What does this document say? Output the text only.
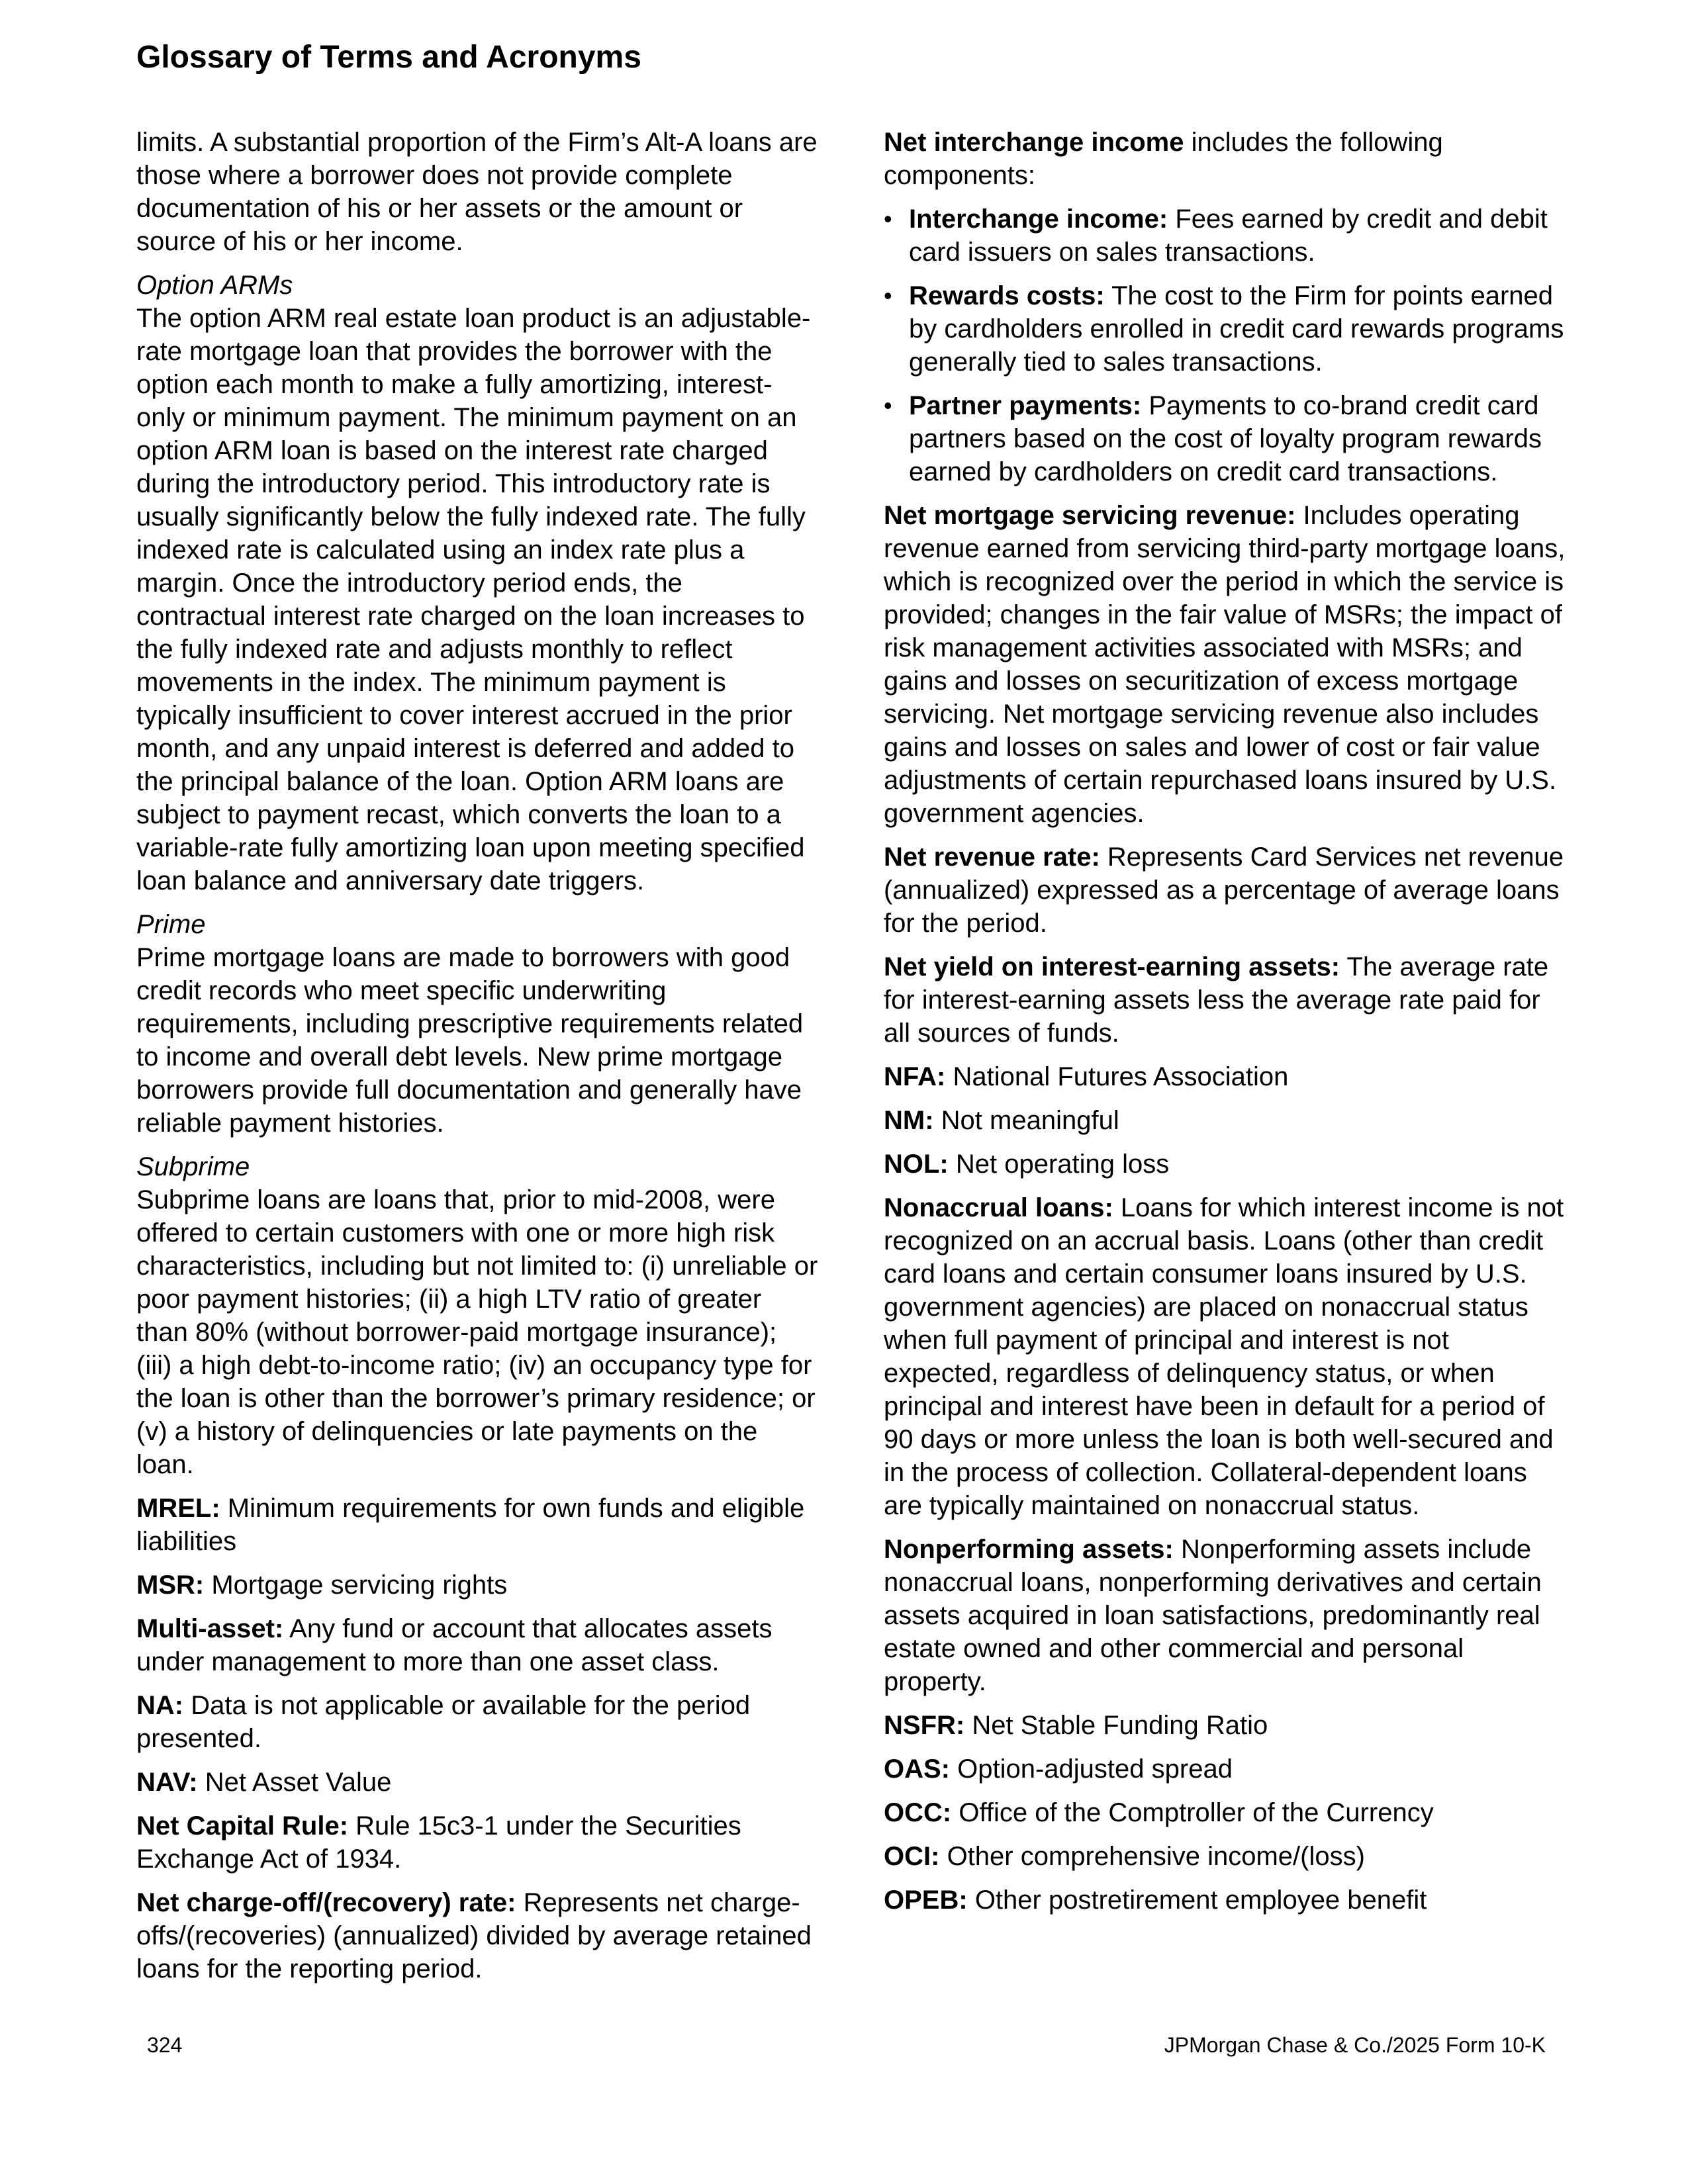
Glossary of Terms and Acronyms

limits. A substantial proportion of the Firm’s Alt-A loans are those where a borrower does not provide complete documentation of his or her assets or the amount or source of his or her income.

Option ARMs

The option ARM real estate loan product is an adjustable-rate mortgage loan that provides the borrower with the option each month to make a fully amortizing, interest-only or minimum payment. The minimum payment on an option ARM loan is based on the interest rate charged during the introductory period. This introductory rate is usually significantly below the fully indexed rate. The fully indexed rate is calculated using an index rate plus a margin. Once the introductory period ends, the contractual interest rate charged on the loan increases to the fully indexed rate and adjusts monthly to reflect movements in the index. The minimum payment is typically insufficient to cover interest accrued in the prior month, and any unpaid interest is deferred and added to the principal balance of the loan. Option ARM loans are subject to payment recast, which converts the loan to a variable-rate fully amortizing loan upon meeting specified loan balance and anniversary date triggers.

Prime

Prime mortgage loans are made to borrowers with good credit records who meet specific underwriting requirements, including prescriptive requirements related to income and overall debt levels. New prime mortgage borrowers provide full documentation and generally have reliable payment histories.

Subprime

Subprime loans are loans that, prior to mid-2008, were offered to certain customers with one or more high risk characteristics, including but not limited to: (i) unreliable or poor payment histories; (ii) a high LTV ratio of greater than 80% (without borrower-paid mortgage insurance); (iii) a high debt-to-income ratio; (iv) an occupancy type for the loan is other than the borrower’s primary residence; or (v) a history of delinquencies or late payments on the loan.

MREL: Minimum requirements for own funds and eligible liabilities

MSR: Mortgage servicing rights

Multi-asset: Any fund or account that allocates assets under management to more than one asset class.

NA: Data is not applicable or available for the period presented.

NAV: Net Asset Value

Net Capital Rule: Rule 15c3-1 under the Securities Exchange Act of 1934.

Net charge-off/(recovery) rate: Represents net charge-offs/(recoveries) (annualized) divided by average retained loans for the reporting period.

Net interchange income includes the following components:

• Interchange income: Fees earned by credit and debit card issuers on sales transactions.
• Rewards costs: The cost to the Firm for points earned by cardholders enrolled in credit card rewards programs generally tied to sales transactions.
• Partner payments: Payments to co-brand credit card partners based on the cost of loyalty program rewards earned by cardholders on credit card transactions.

Net mortgage servicing revenue: Includes operating revenue earned from servicing third-party mortgage loans, which is recognized over the period in which the service is provided; changes in the fair value of MSRs; the impact of risk management activities associated with MSRs; and gains and losses on securitization of excess mortgage servicing. Net mortgage servicing revenue also includes gains and losses on sales and lower of cost or fair value adjustments of certain repurchased loans insured by U.S. government agencies.

Net revenue rate: Represents Card Services net revenue (annualized) expressed as a percentage of average loans for the period.

Net yield on interest-earning assets: The average rate for interest-earning assets less the average rate paid for all sources of funds.

NFA: National Futures Association

NM: Not meaningful

NOL: Net operating loss

Nonaccrual loans: Loans for which interest income is not recognized on an accrual basis. Loans (other than credit card loans and certain consumer loans insured by U.S. government agencies) are placed on nonaccrual status when full payment of principal and interest is not expected, regardless of delinquency status, or when principal and interest have been in default for a period of 90 days or more unless the loan is both well-secured and in the process of collection. Collateral-dependent loans are typically maintained on nonaccrual status.

Nonperforming assets: Nonperforming assets include nonaccrual loans, nonperforming derivatives and certain assets acquired in loan satisfactions, predominantly real estate owned and other commercial and personal property.

NSFR: Net Stable Funding Ratio

OAS: Option-adjusted spread

OCC: Office of the Comptroller of the Currency

OCI: Other comprehensive income/(loss)

OPEB: Other postretirement employee benefit

324	JPMorgan Chase & Co./2025 Form 10-K
